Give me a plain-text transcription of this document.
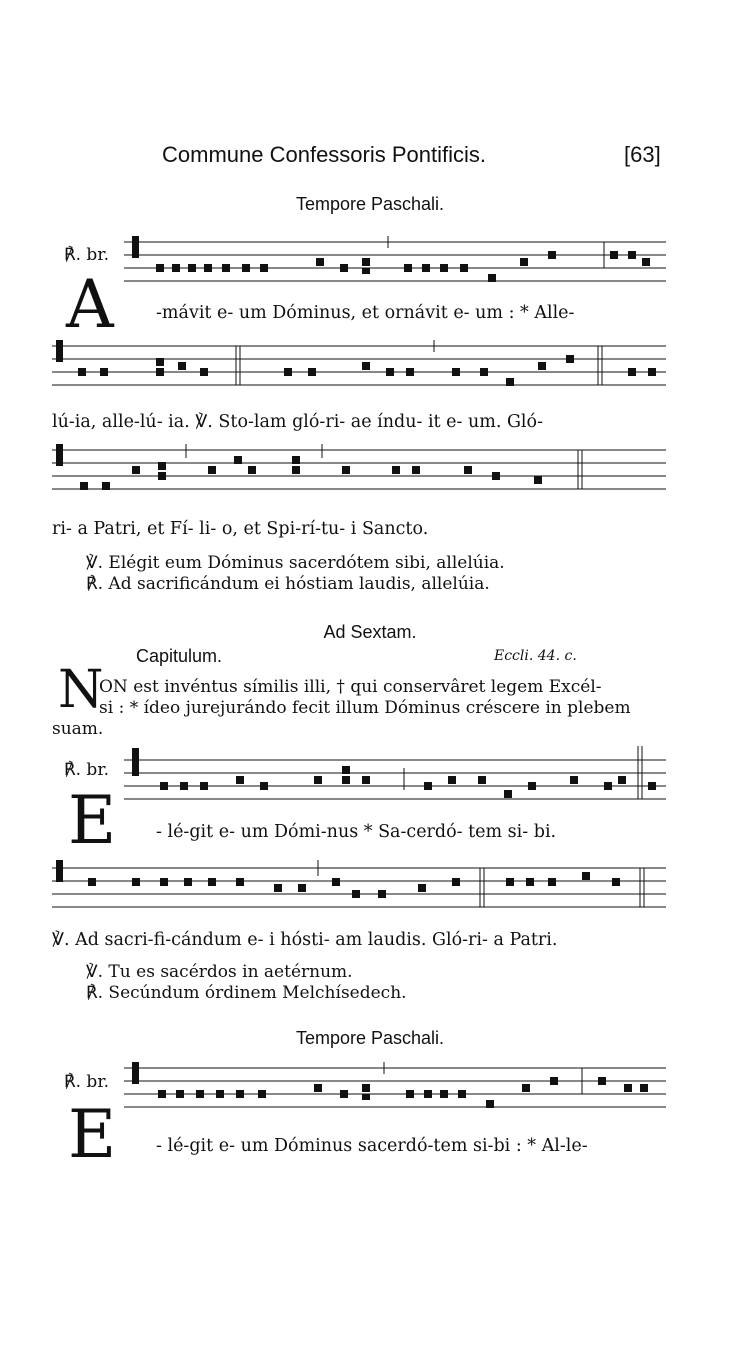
Commune Confessoris Pontificis.	[63]
Tempore Paschali.
℟. br.
A -mávit e- um Dóminus, et ornávit e- um : * Alle-
lú-ia, alle-lú- ia. ℣. Sto-lam gló-ri- ae índu- it e- um. Gló-
ri- a Patri, et Fí- li- o, et Spi-rí-tu- i Sancto.
℣. Elégit eum Dóminus sacerdótem sibi, allelúia.
℟. Ad sacrificándum ei hóstiam laudis, allelúia.
Ad Sextam.
Capitulum.	Eccli. 44. c.
N
ON est invéntus símilis illi, † qui conservâret legem Excél-
si : * ídeo jurejurándo fecit illum Dóminus créscere in plebem
suam.
℟. br.
E - lé-git e- um Dómi-nus * Sa-cerdó- tem si- bi.
℣. Ad sacri-fi-cándum e- i hósti- am laudis. Gló-ri- a Patri.
℣. Tu es sacérdos in aetérnum.
℟. Secúndum órdinem Melchísedech.
Tempore Paschali.
℟. br.
E - lé-git e- um Dóminus sacerdó-tem si-bi : * Al-le-
